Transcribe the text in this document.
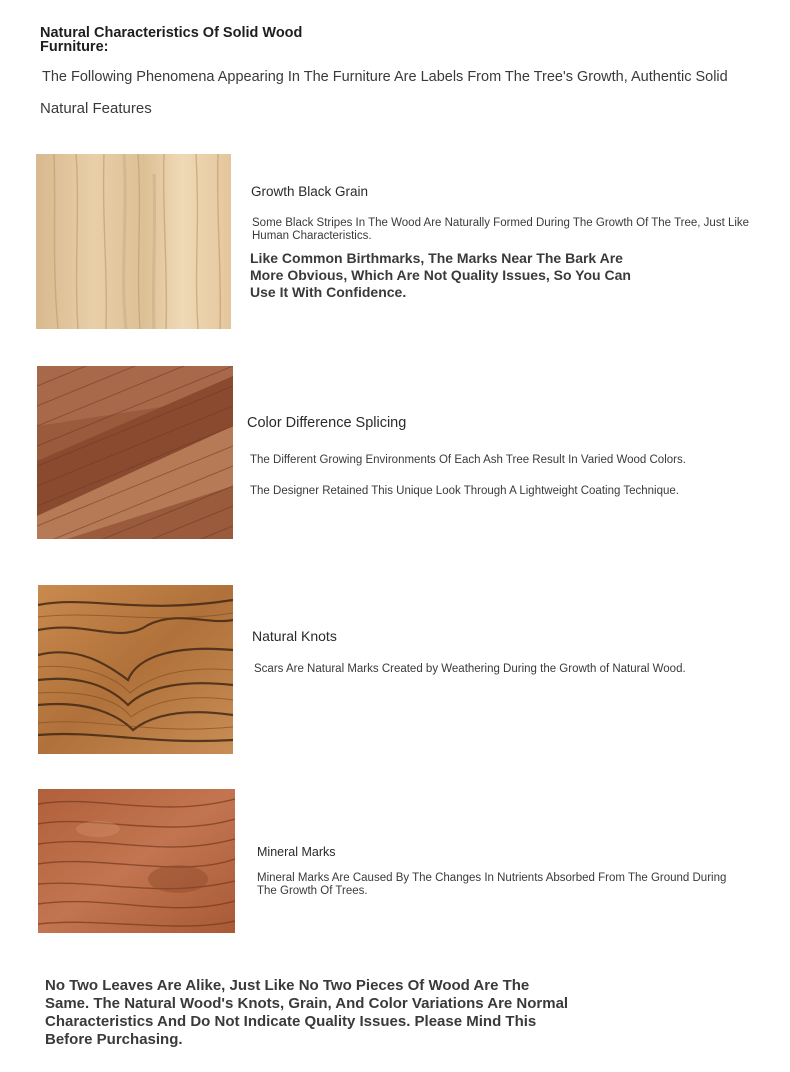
Natural Characteristics Of Solid Wood Furniture:
The Following Phenomena Appearing In The Furniture Are Labels From The Tree's Growth, Authentic Solid
Natural Features
Growth Black Grain
Some Black Stripes In The Wood Are Naturally Formed During The Growth Of The Tree, Just Like Human Characteristics.
Like Common Birthmarks, The Marks Near The Bark Are More Obvious, Which Are Not Quality Issues, So You Can Use It With Confidence.
Color Difference Splicing
The Different Growing Environments Of Each Ash Tree Result In Varied Wood Colors.
The Designer Retained This Unique Look Through A Lightweight Coating Technique.
Natural Knots
Scars Are Natural Marks Created by Weathering During the Growth of Natural Wood.
Mineral Marks
Mineral Marks Are Caused By The Changes In Nutrients Absorbed From The Ground During The Growth Of Trees.
No Two Leaves Are Alike, Just Like No Two Pieces Of Wood Are The Same. The Natural Wood's Knots, Grain, And Color Variations Are Normal Characteristics And Do Not Indicate Quality Issues. Please Mind This Before Purchasing.
